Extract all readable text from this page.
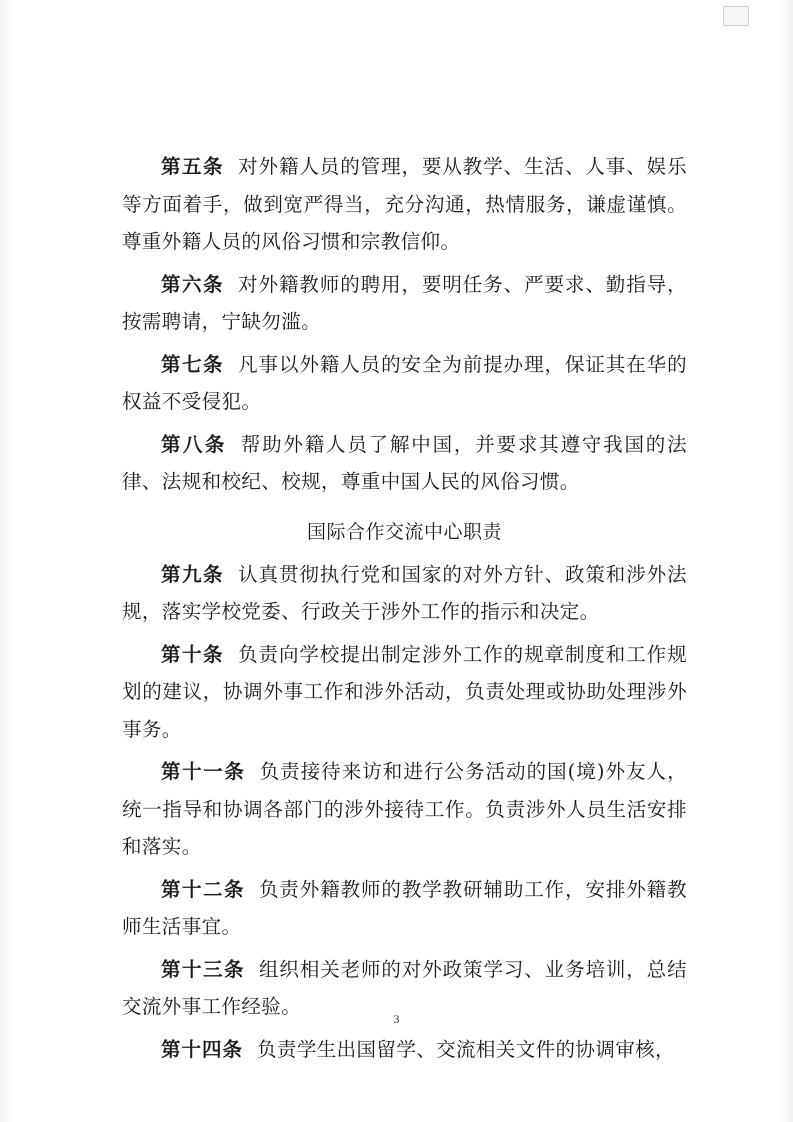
第五条 对外籍人员的管理，要从教学、生活、人事、娱乐等方面着手，做到宽严得当，充分沟通，热情服务，谦虚谨慎。尊重外籍人员的风俗习惯和宗教信仰。

第六条 对外籍教师的聘用，要明任务、严要求、勤指导，按需聘请，宁缺勿滥。

第七条 凡事以外籍人员的安全为前提办理，保证其在华的权益不受侵犯。

第八条 帮助外籍人员了解中国，并要求其遵守我国的法律、法规和校纪、校规，尊重中国人民的风俗习惯。

国际合作交流中心职责

第九条 认真贯彻执行党和国家的对外方针、政策和涉外法规，落实学校党委、行政关于涉外工作的指示和决定。

第十条 负责向学校提出制定涉外工作的规章制度和工作规划的建议，协调外事工作和涉外活动，负责处理或协助处理涉外事务。

第十一条 负责接待来访和进行公务活动的国(境)外友人，统一指导和协调各部门的涉外接待工作。负责涉外人员生活安排和落实。

第十二条 负责外籍教师的教学教研辅助工作，安排外籍教师生活事宜。

第十三条 组织相关老师的对外政策学习、业务培训，总结交流外事工作经验。

第十四条 负责学生出国留学、交流相关文件的协调审核，

3
